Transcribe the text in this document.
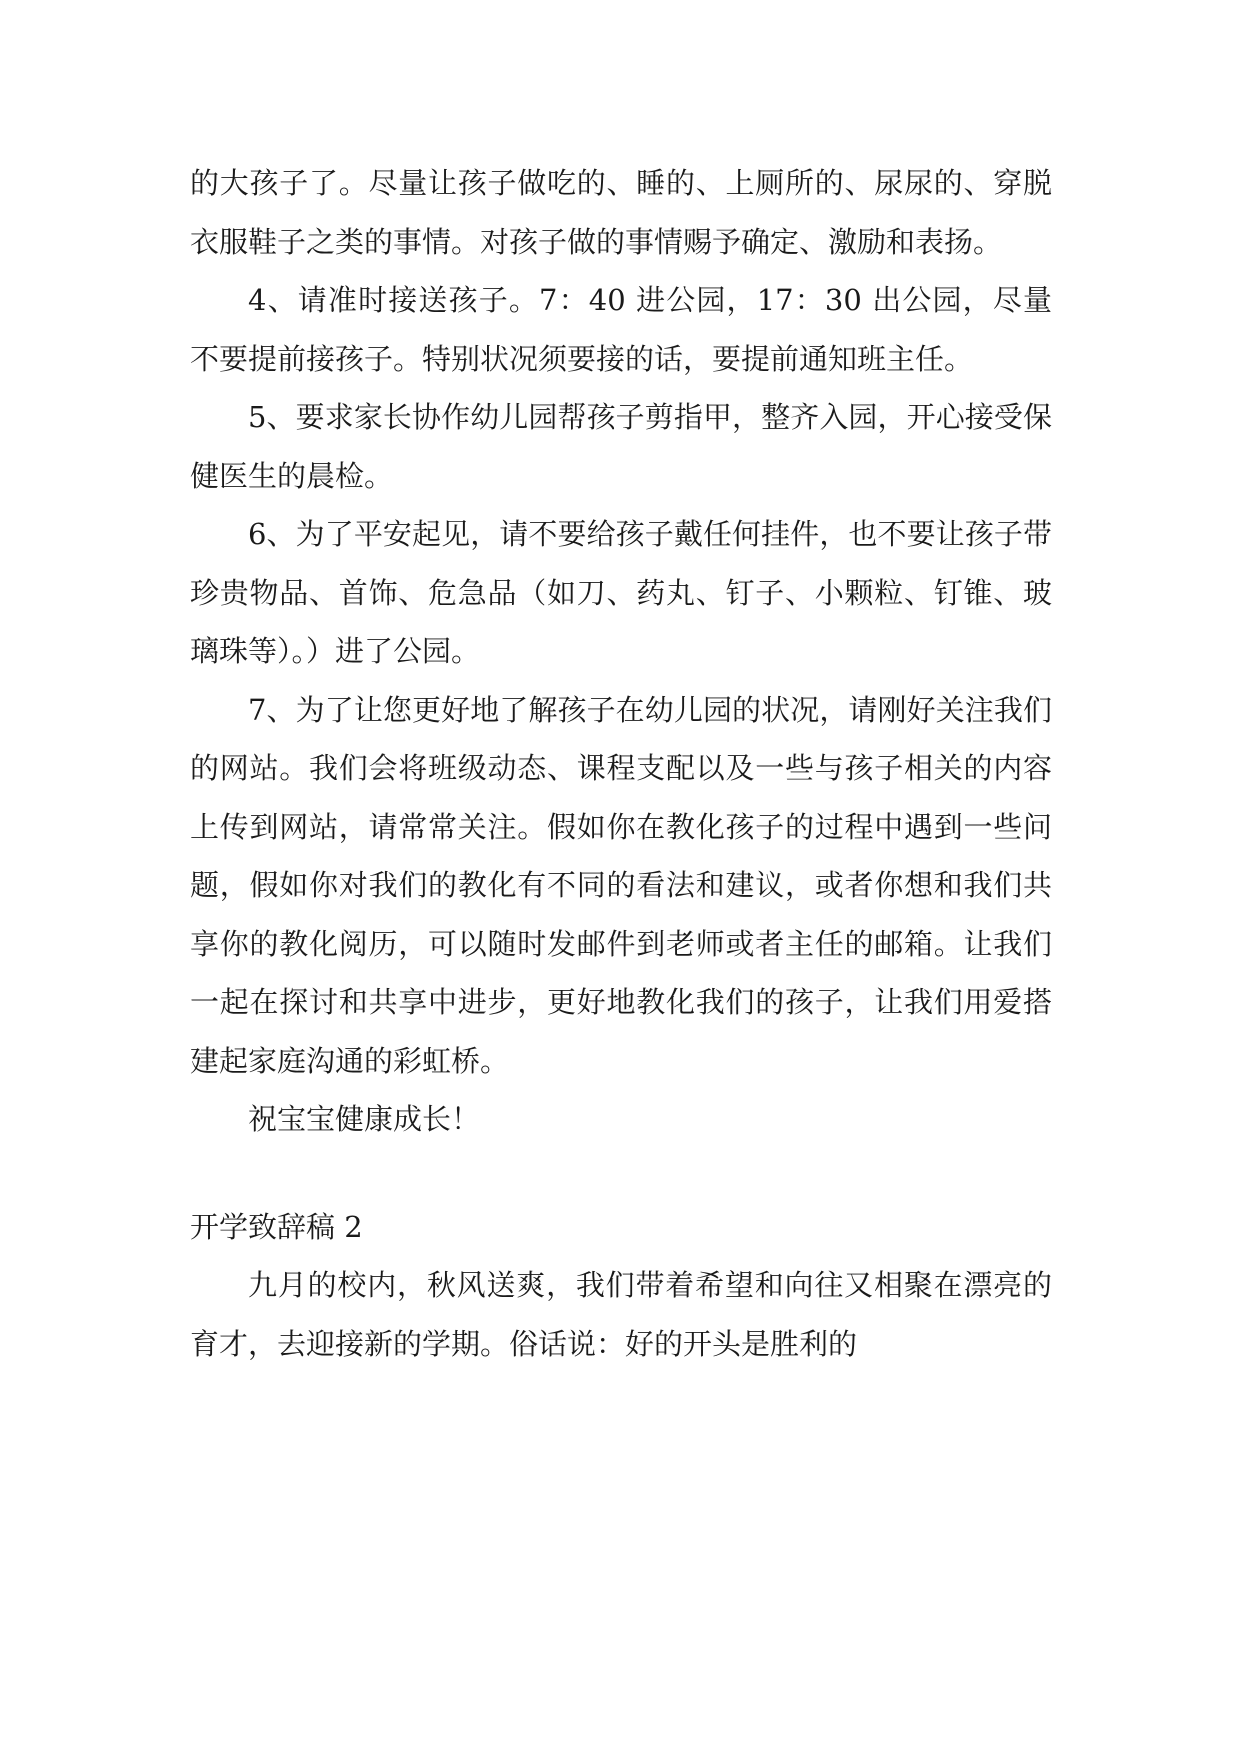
的大孩子了。尽量让孩子做吃的、睡的、上厕所的、尿尿的、穿脱衣服鞋子之类的事情。对孩子做的事情赐予确定、激励和表扬。

4、请准时接送孩子。7：40 进公园，17：30 出公园，尽量不要提前接孩子。特别状况须要接的话，要提前通知班主任。

5、要求家长协作幼儿园帮孩子剪指甲，整齐入园，开心接受保健医生的晨检。

6、为了平安起见，请不要给孩子戴任何挂件，也不要让孩子带珍贵物品、首饰、危急品（如刀、药丸、钉子、小颗粒、钉锥、玻璃珠等）。）进了公园。

7、为了让您更好地了解孩子在幼儿园的状况，请刚好关注我们的网站。我们会将班级动态、课程支配以及一些与孩子相关的内容上传到网站，请常常关注。假如你在教化孩子的过程中遇到一些问题，假如你对我们的教化有不同的看法和建议，或者你想和我们共享你的教化阅历，可以随时发邮件到老师或者主任的邮箱。让我们一起在探讨和共享中进步，更好地教化我们的孩子，让我们用爱搭建起家庭沟通的彩虹桥。

祝宝宝健康成长！

开学致辞稿 2

九月的校内，秋风送爽，我们带着希望和向往又相聚在漂亮的育才，去迎接新的学期。俗话说：好的开头是胜利的
